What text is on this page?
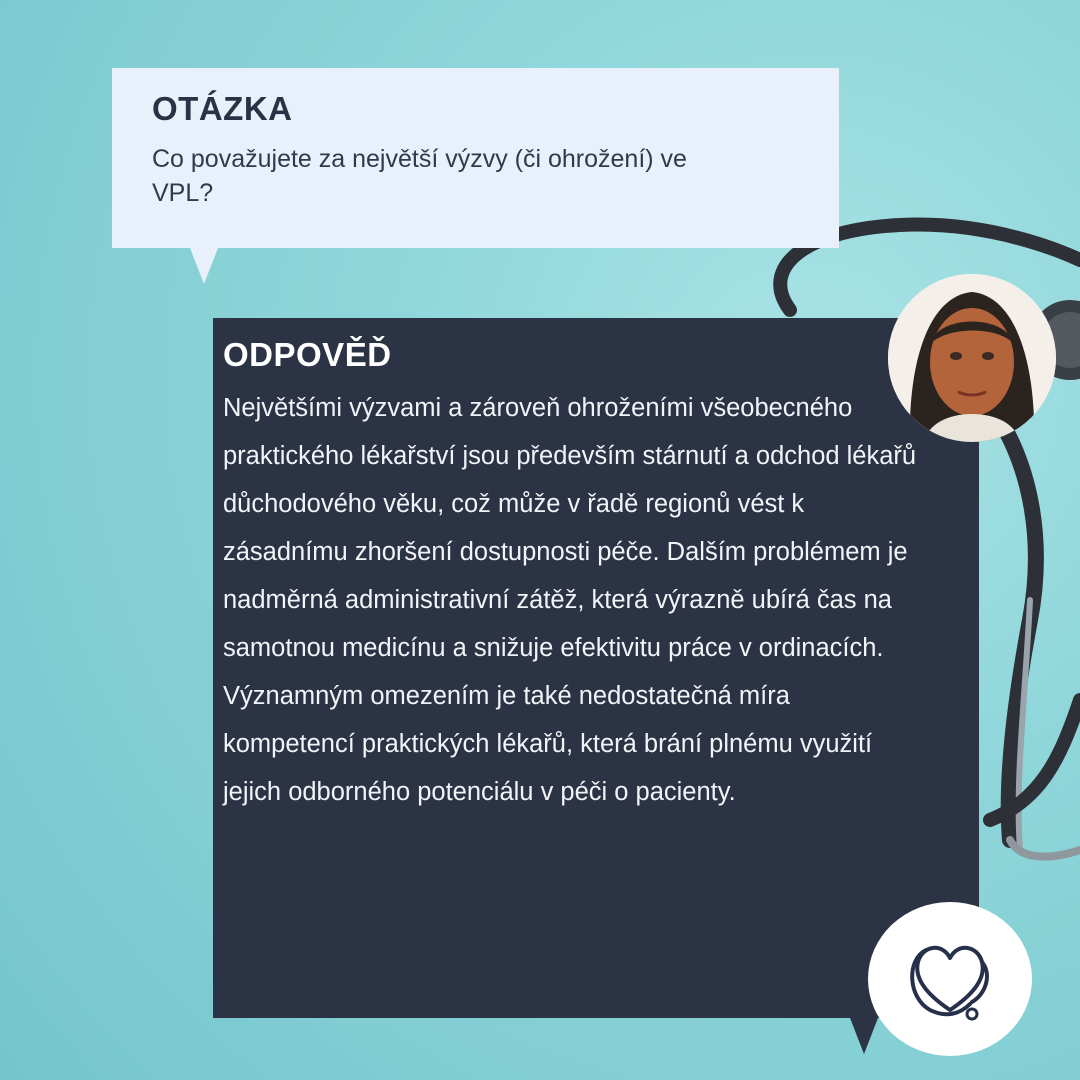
OTÁZKA

Co považujete za největší výzvy (či ohrožení) ve VPL?

ODPOVĚĎ

Největšími výzvami a zároveň ohroženími všeobecného praktického lékařství jsou především stárnutí a odchod lékařů důchodového věku, což může v řadě regionů vést k zásadnímu zhoršení dostupnosti péče. Dalším problémem je nadměrná administrativní zátěž, která výrazně ubírá čas na samotnou medicínu a snižuje efektivitu práce v ordinacích. Významným omezením je také nedostatečná míra kompetencí praktických lékařů, která brání plnému využití jejich odborného potenciálu v péči o pacienty.
